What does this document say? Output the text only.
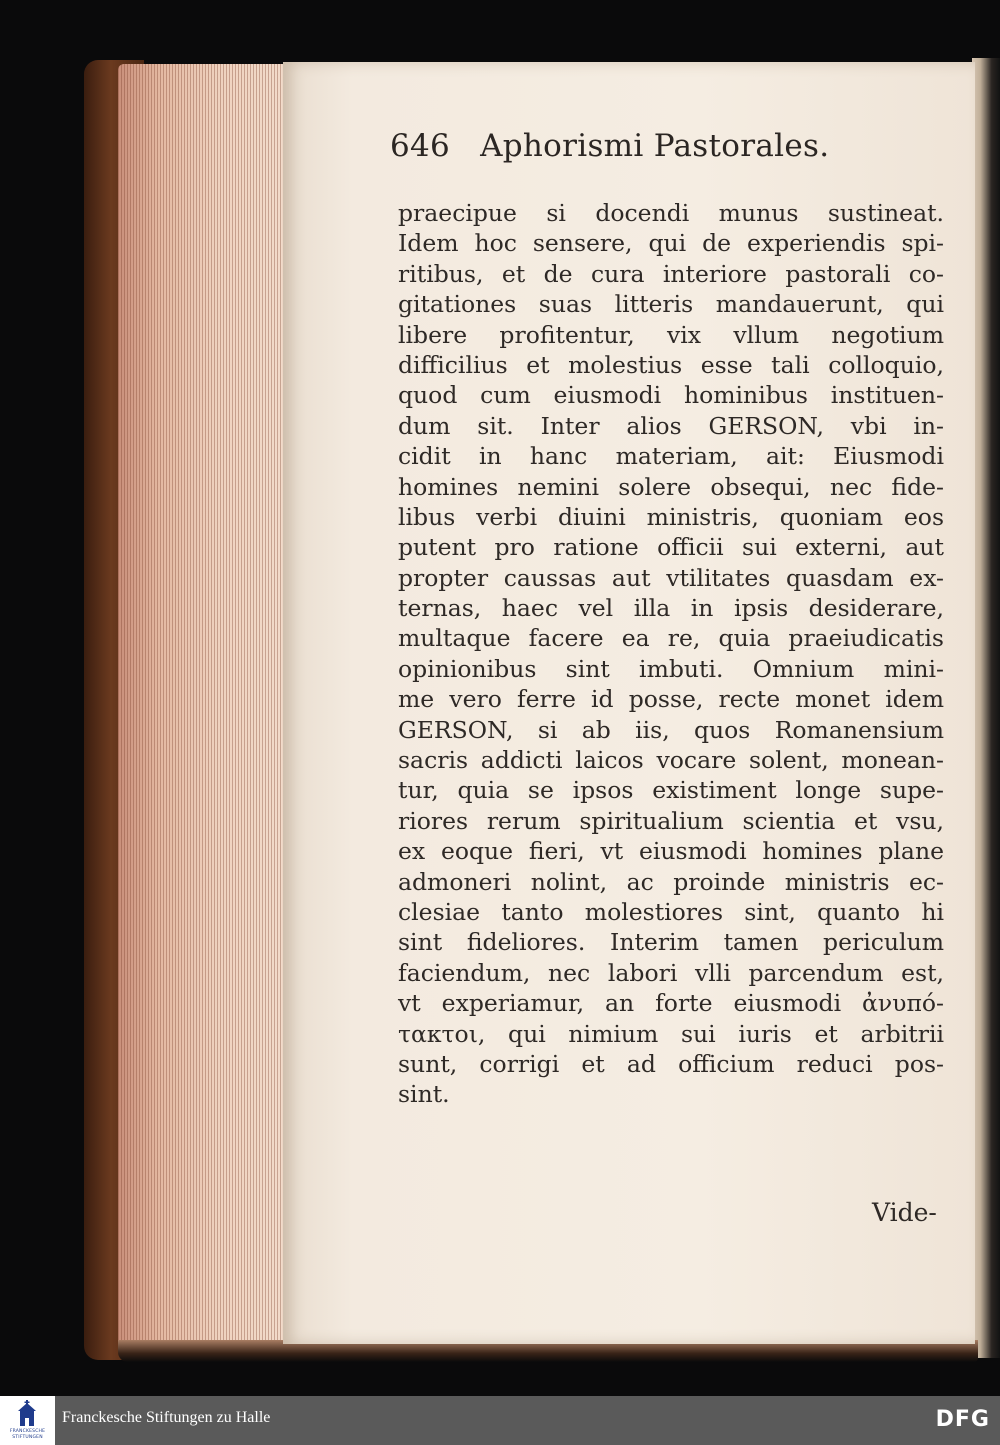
646 Aphorismi Pastorales.
praecipue si docendi munus sustineat.
Idem hoc sensere, qui de experiendis spi-
ritibus, et de cura interiore pastorali co-
gitationes suas litteris mandauerunt, qui
libere profitentur, vix vllum negotium
difficilius et molestius esse tali colloquio,
quod cum eiusmodi hominibus instituen-
dum sit. Inter alios GERSON, vbi in-
cidit in hanc materiam, ait: Eiusmodi
homines nemini solere obsequi, nec fide-
libus verbi diuini ministris, quoniam eos
putent pro ratione officii sui externi, aut
propter caussas aut vtilitates quasdam ex-
ternas, haec vel illa in ipsis desiderare,
multaque facere ea re, quia praeiudicatis
opinionibus sint imbuti. Omnium mini-
me vero ferre id posse, recte monet idem
GERSON, si ab iis, quos Romanensium
sacris addicti laicos vocare solent, monean-
tur, quia se ipsos existiment longe supe-
riores rerum spiritualium scientia et vsu,
ex eoque fieri, vt eiusmodi homines plane
admoneri nolint, ac proinde ministris ec-
clesiae tanto molestiores sint, quanto hi
sint fideliores. Interim tamen periculum
faciendum, nec labori vlli parcendum est,
vt experiamur, an forte eiusmodi ἀνυπό-
τακτοι, qui nimium sui iuris et arbitrii
sunt, corrigi et ad officium reduci pos-
sint.
Vide-
FRANCKESCHE STIFTUNGEN
Franckesche Stiftungen zu Halle	DFG
